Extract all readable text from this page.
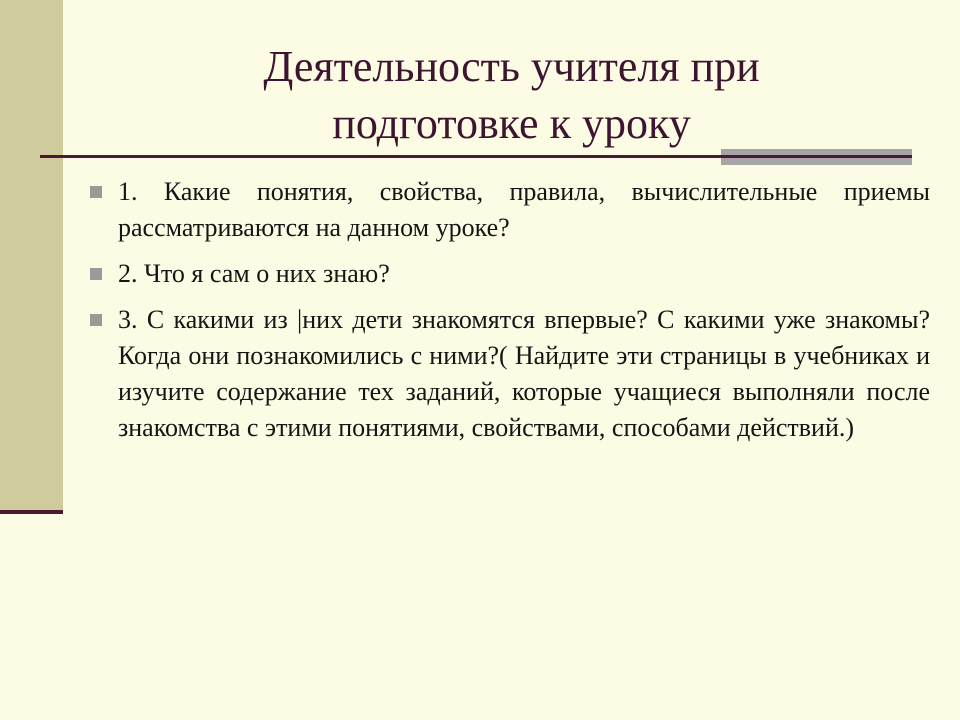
Деятельность учителя при
подготовке к уроку
1. Какие понятия, свойства, правила, вычислительные приемы рассматриваются на данном уроке?
2. Что я сам о них знаю?
3. С какими из |них дети знакомятся впервые? С какими уже знакомы? Когда они познакомились с ними?( Найдите эти страницы в учебниках и изучите содержание тех заданий, которые учащиеся выполняли после знакомства с этими понятиями, свойствами, способами действий.)
